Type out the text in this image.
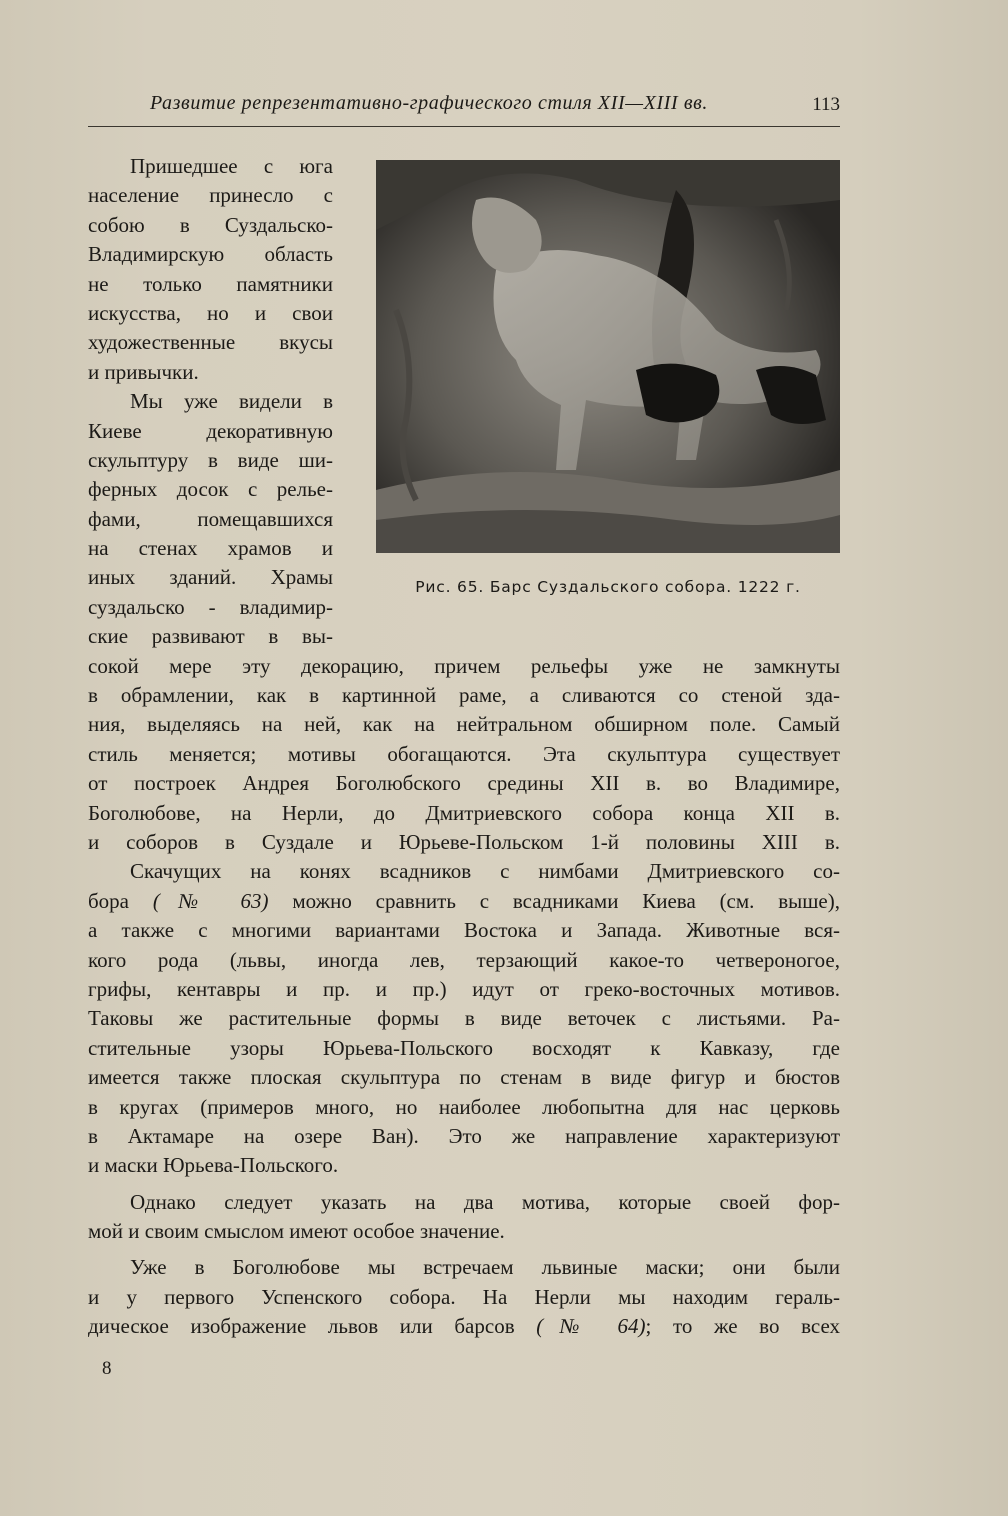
Развитие репрезентативно-графического стиля XII—XIII вв.	113
Рис. 65. Барс Суздальского собора. 1222 г.
Пришедшее с юга
население принесло с
собою в Суздальско-
Владимирскую область
не только памятники
искусства, но и свои
художественные вкусы
и привычки.
Мы уже видели в
Киеве декоративную
скульптуру в виде ши-
ферных досок с релье-
фами, помещавшихся
на стенах храмов и
иных зданий. Храмы
суздальско - владимир-
ские развивают в вы-
сокой мере эту декорацию, причем рельефы уже не замкнуты
в обрамлении, как в картинной раме, а сливаются со стеной зда-
ния, выделяясь на ней, как на нейтральном обширном поле. Самый
стиль меняется; мотивы обогащаются. Эта скульптура существует
от построек Андрея Боголюбского средины XII в. во Владимире,
Боголюбове, на Нерли, до Дмитриевского собора конца XII в.
и соборов в Суздале и Юрьеве-Польском 1-й половины XIII в.
Скачущих на конях всадников с нимбами Дмитриевского со-
бора (№ 63) можно сравнить с всадниками Киева (см. выше),
а также с многими вариантами Востока и Запада. Животные вся-
кого рода (львы, иногда лев, терзающий какое-то четвероногое,
грифы, кентавры и пр. и пр.) идут от греко-восточных мотивов.
Таковы же растительные формы в виде веточек с листьями. Ра-
стительные узоры Юрьева-Польского восходят к Кавказу, где
имеется также плоская скульптура по стенам в виде фигур и бюстов
в кругах (примеров много, но наиболее любопытна для нас церковь
в Актамаре на озере Ван). Это же направление характеризуют
и маски Юрьева-Польского.
Однако следует указать на два мотива, которые своей фор-
мой и своим смыслом имеют особое значение.
Уже в Боголюбове мы встречаем львиные маски; они были
и у первого Успенского собора. На Нерли мы находим гераль-
дическое изображение львов или барсов (№ 64); то же во всех
8
